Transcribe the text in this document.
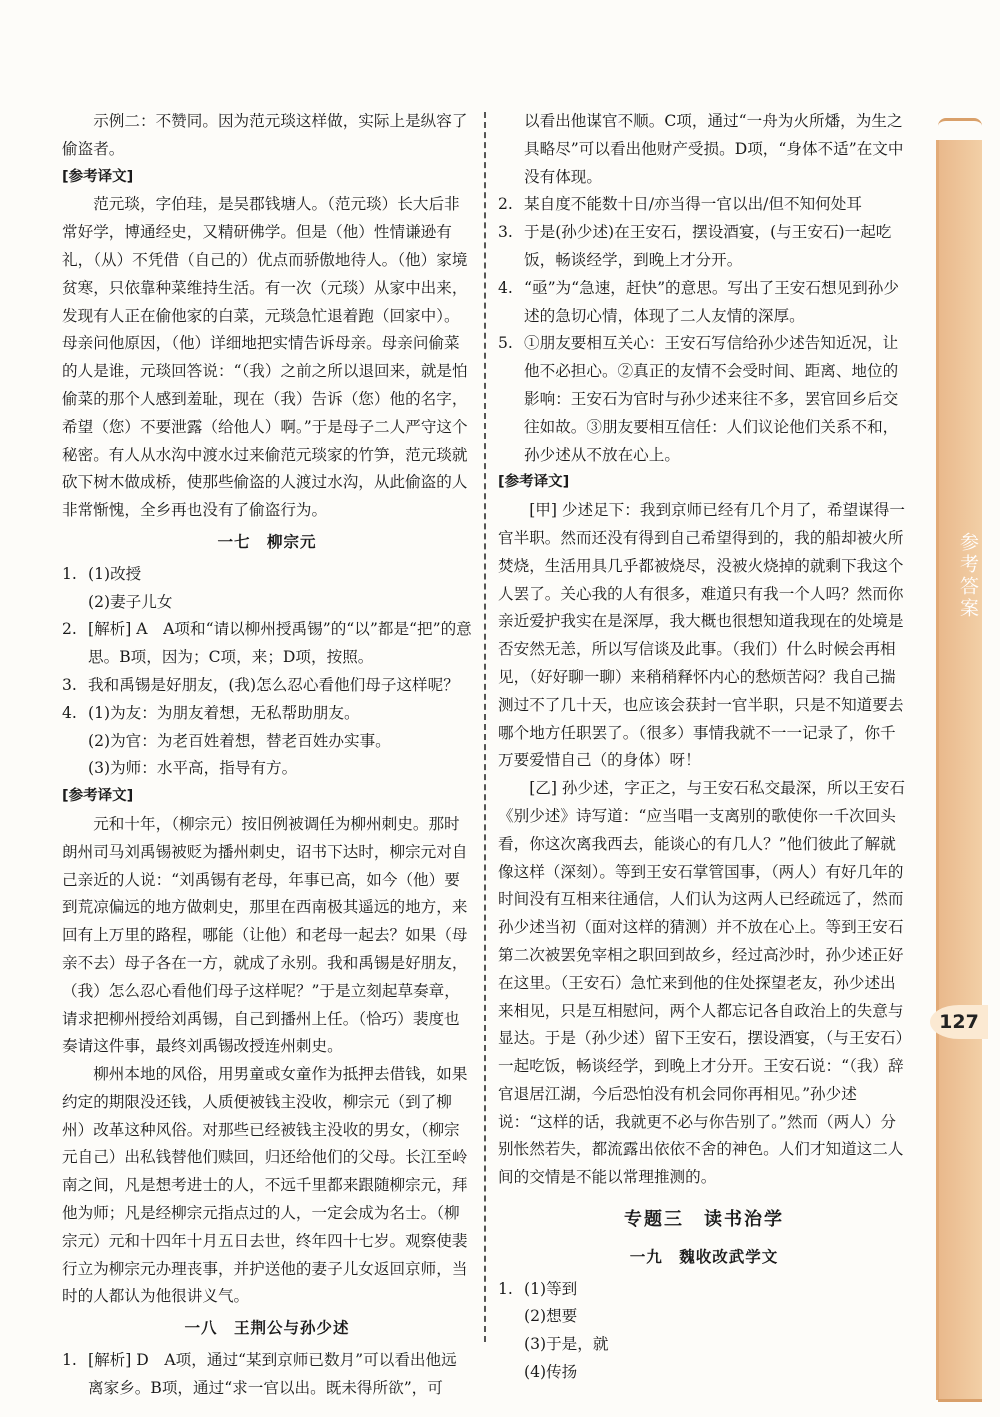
参考答案
127

示例二：不赞同。因为范元琰这样做，实际上是纵容了偷盗者。

[参考译文]

范元琰，字伯珪，是吴郡钱塘人。（范元琰）长大后非常好学，博通经史，又精研佛学。但是（他）性情谦逊有礼，（从）不凭借（自己的）优点而骄傲地待人。（他）家境贫寒，只依靠种菜维持生活。有一次（元琰）从家中出来，发现有人正在偷他家的白菜，元琰急忙退着跑（回家中）。母亲问他原因，（他）详细地把实情告诉母亲。母亲问偷菜的人是谁，元琰回答说：“（我）之前之所以退回来，就是怕偷菜的那个人感到羞耻，现在（我）告诉（您）他的名字，希望（您）不要泄露（给他人）啊。”于是母子二人严守这个秘密。有人从水沟中渡水过来偷范元琰家的竹笋，范元琰就砍下树木做成桥，使那些偷盗的人渡过水沟，从此偷盗的人非常惭愧，全乡再也没有了偷盗行为。

一七　柳宗元

1. (1)改授

(2)妻子儿女

2. [解析] A　A项和“请以柳州授禹锡”的“以”都是“把”的意思。B项，因为；C项，来；D项，按照。

3. 我和禹锡是好朋友，(我)怎么忍心看他们母子这样呢？

4. (1)为友：为朋友着想，无私帮助朋友。

(2)为官：为老百姓着想，替老百姓办实事。

(3)为师：水平高，指导有方。

[参考译文]

元和十年，（柳宗元）按旧例被调任为柳州刺史。那时朗州司马刘禹锡被贬为播州刺史，诏书下达时，柳宗元对自己亲近的人说：“刘禹锡有老母，年事已高，如今（他）要到荒凉偏远的地方做刺史，那里在西南极其遥远的地方，来回有上万里的路程，哪能（让他）和老母一起去？如果（母亲不去）母子各在一方，就成了永别。我和禹锡是好朋友，（我）怎么忍心看他们母子这样呢？”于是立刻起草奏章，请求把柳州授给刘禹锡，自己到播州上任。（恰巧）裴度也奏请这件事，最终刘禹锡改授连州刺史。

柳州本地的风俗，用男童或女童作为抵押去借钱，如果约定的期限没还钱，人质便被钱主没收，柳宗元（到了柳州）改革这种风俗。对那些已经被钱主没收的男女，（柳宗元自己）出私钱替他们赎回，归还给他们的父母。长江至岭南之间，凡是想考进士的人，不远千里都来跟随柳宗元，拜他为师；凡是经柳宗元指点过的人，一定会成为名士。（柳宗元）元和十四年十月五日去世，终年四十七岁。观察使裴行立为柳宗元办理丧事，并护送他的妻子儿女返回京师，当时的人都认为他很讲义气。

一八　王荆公与孙少述

1. [解析] D　A项，通过“某到京师已数月”可以看出他远离家乡。B项，通过“求一官以出。既未得所欲”，可

以看出他谋官不顺。C项，通过“一舟为火所燔，为生之具略尽”可以看出他财产受损。D项，“身体不适”在文中没有体现。

2. 某自度不能数十日/亦当得一官以出/但不知何处耳

3. 于是(孙少述)在王安石，摆设酒宴，(与王安石)一起吃饭，畅谈经学，到晚上才分开。

4. “亟”为“急速，赶快”的意思。写出了王安石想见到孙少述的急切心情，体现了二人友情的深厚。

5. ①朋友要相互关心：王安石写信给孙少述告知近况，让他不必担心。②真正的友情不会受时间、距离、地位的影响：王安石为官时与孙少述来往不多，罢官回乡后交往如故。③朋友要相互信任：人们议论他们关系不和，孙少述从不放在心上。

[参考译文]

[甲] 少述足下：我到京师已经有几个月了，希望谋得一官半职。然而还没有得到自己希望得到的，我的船却被火所焚烧，生活用具几乎都被烧尽，没被火烧掉的就剩下我这个人罢了。关心我的人有很多，难道只有我一个人吗？然而你亲近爱护我实在是深厚，我大概也很想知道我现在的处境是否安然无恙，所以写信谈及此事。（我们）什么时候会再相见，（好好聊一聊）来稍稍释怀内心的愁烦苦闷？我自己揣测过不了几十天，也应该会获封一官半职，只是不知道要去哪个地方任职罢了。（很多）事情我就不一一记录了，你千万要爱惜自己（的身体）呀！

[乙] 孙少述，字正之，与王安石私交最深，所以王安石《别少述》诗写道：“应当唱一支离别的歌使你一千次回头看，你这次离我西去，能谈心的有几人？”他们彼此了解就像这样（深刻）。等到王安石掌管国事，（两人）有好几年的时间没有互相来往通信，人们认为这两人已经疏远了，然而孙少述当初（面对这样的猜测）并不放在心上。等到王安石第二次被罢免宰相之职回到故乡，经过高沙时，孙少述正好在这里。（王安石）急忙来到他的住处探望老友，孙少述出来相见，只是互相慰问，两个人都忘记各自政治上的失意与显达。于是（孙少述）留下王安石，摆设酒宴，（与王安石）一起吃饭，畅谈经学，到晚上才分开。王安石说：“（我）辞官退居江湖，今后恐怕没有机会同你再相见。”孙少述说：“这样的话，我就更不必与你告别了。”然而（两人）分别怅然若失，都流露出依依不舍的神色。人们才知道这二人间的交情是不能以常理推测的。

专题三　读书治学

一九　魏收改武学文

1. (1)等到

(2)想要

(3)于是，就

(4)传扬
